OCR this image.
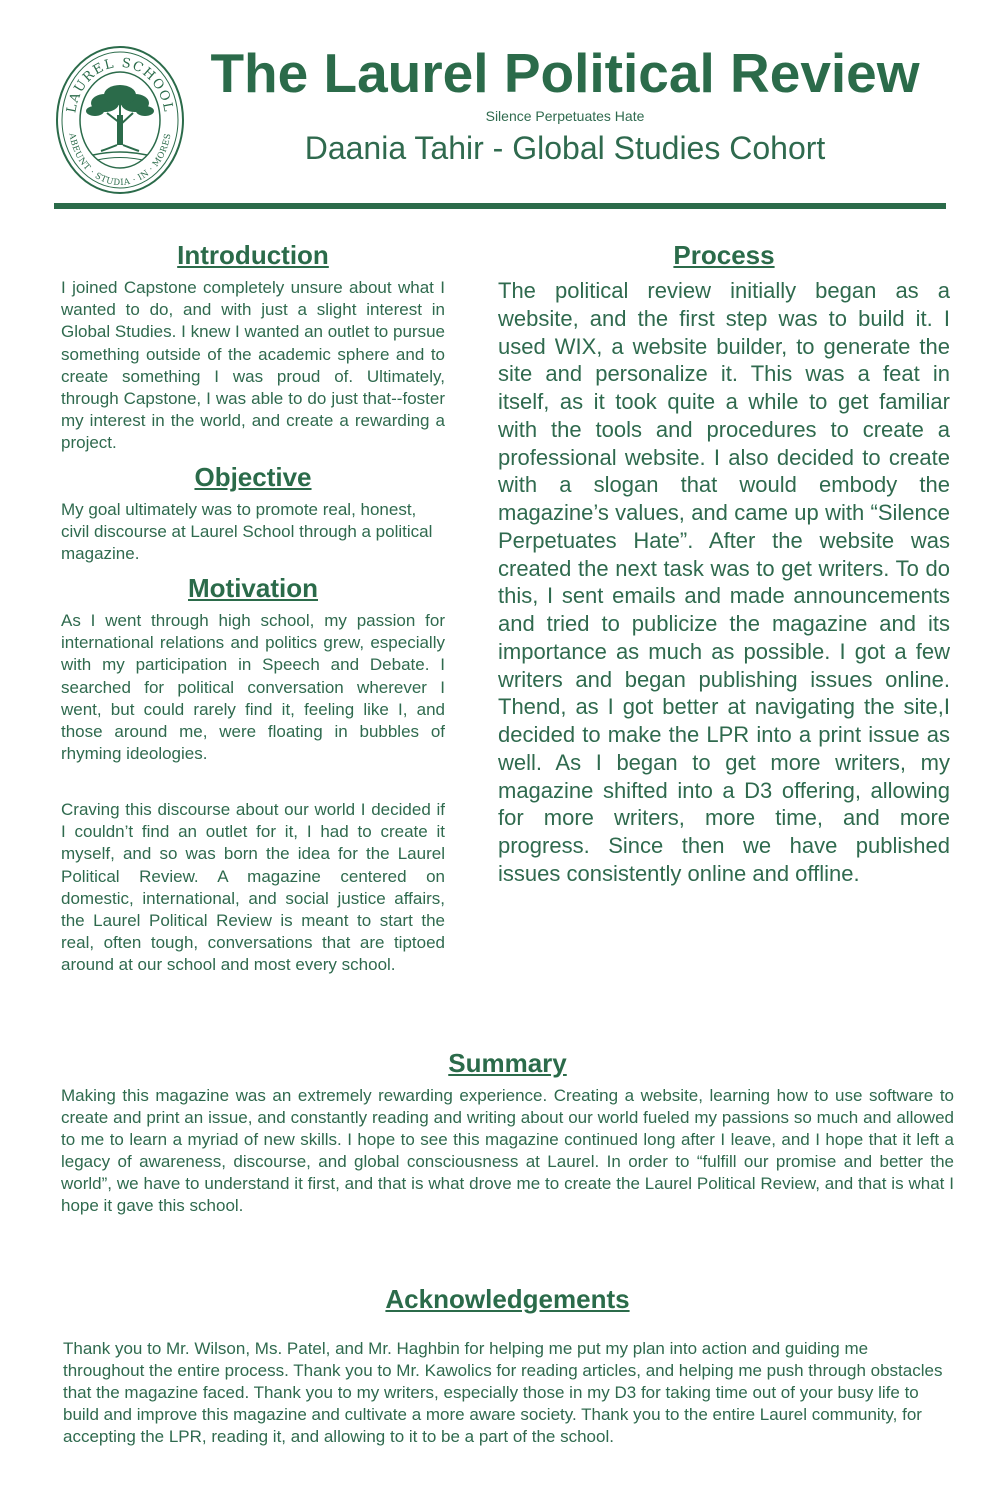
LAUREL SCHOOL
ABEUNT · STUDIA · IN · MORES
The Laurel Political Review
Silence Perpetuates Hate
Daania Tahir - Global Studies Cohort
Introduction

I joined Capstone completely unsure about what I wanted to do, and with just a slight interest in Global Studies. I knew I wanted an outlet to pursue something outside of the academic sphere and to create something I was proud of. Ultimately, through Capstone, I was able to do just that--foster my interest in the world, and create a rewarding a project.

Objective

My goal ultimately was to promote real, honest, civil discourse at Laurel School through a political magazine.

Motivation

As I went through high school, my passion for international relations and politics grew, especially with my participation in Speech and Debate. I searched for political conversation wherever I went, but could rarely find it, feeling like I, and those around me, were floating in bubbles of rhyming ideologies.

Craving this discourse about our world I decided if I couldn’t find an outlet for it, I had to create it myself, and so was born the idea for the Laurel Political Review. A magazine centered on domestic, international, and social justice affairs, the Laurel Political Review is meant to start the real, often tough, conversations that are tiptoed around at our school and most every school.

Process

The political review initially began as a website, and the first step was to build it. I used WIX, a website builder, to generate the site and personalize it. This was a feat in itself, as it took quite a while to get familiar with the tools and procedures to create a professional website. I also decided to create with a slogan that would embody the magazine’s values, and came up with “Silence Perpetuates Hate”. After the website was created the next task was to get writers. To do this, I sent emails and made announcements and tried to publicize the magazine and its importance as much as possible. I got a few writers and began publishing issues online. Thend, as I got better at navigating the site,I decided to make the LPR into a print issue as well. As I began to get more writers, my magazine shifted into a D3 offering, allowing for more writers, more time, and more progress. Since then we have published issues consistently online and offline.

Summary

Making this magazine was an extremely rewarding experience. Creating a website, learning how to use software to create and print an issue, and constantly reading and writing about our world fueled my passions so much and allowed to me to learn a myriad of new skills. I hope to see this magazine continued long after I leave, and I hope that it left a legacy of awareness, discourse, and global consciousness at Laurel. In order to “fulfill our promise and better the world”, we have to understand it first, and that is what drove me to create the Laurel Political Review, and that is what I hope it gave this school.

Acknowledgements

Thank you to Mr. Wilson, Ms. Patel, and Mr. Haghbin for helping me put my plan into action and guiding me throughout the entire process. Thank you to Mr. Kawolics for reading articles, and helping me push through obstacles that the magazine faced. Thank you to my writers, especially those in my D3 for taking time out of your busy life to build and improve this magazine and cultivate a more aware society. Thank you to the entire Laurel community, for accepting the LPR, reading it, and allowing to it to be a part of the school.
